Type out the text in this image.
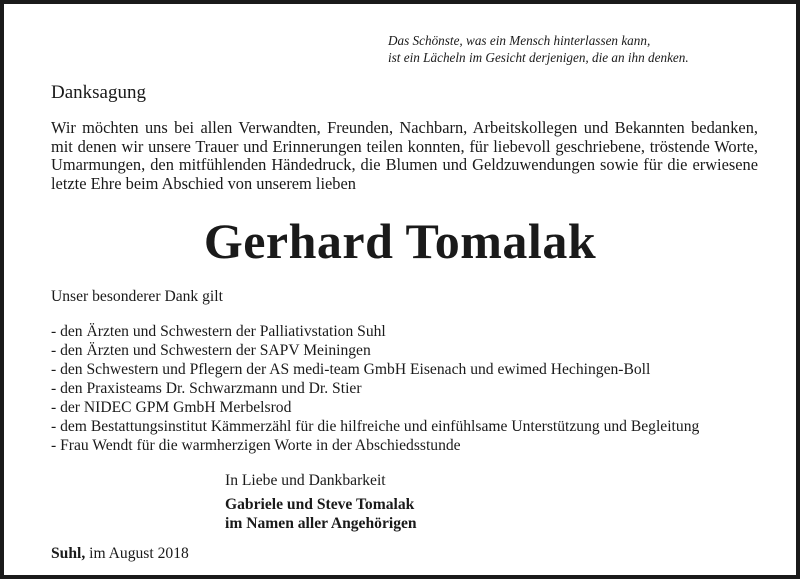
Das Schönste, was ein Mensch hinterlassen kann,
ist ein Lächeln im Gesicht derjenigen, die an ihn denken.
Danksagung
Wir möchten uns bei allen Verwandten, Freunden, Nachbarn, Arbeitskollegen und Bekannten bedanken, mit denen wir unsere Trauer und Erinnerungen teilen konnten, für liebevoll geschriebene, tröstende Worte, Umarmungen, den mitfühlenden Händedruck, die Blumen und Geldzuwendungen sowie für die erwiesene letzte Ehre beim Abschied von unserem lieben
Gerhard Tomalak
Unser besonderer Dank gilt
- den Ärzten und Schwestern der Palliativstation Suhl
- den Ärzten und Schwestern der SAPV Meiningen
- den Schwestern und Pflegern der AS medi-team GmbH Eisenach und ewimed Hechingen-Boll
- den Praxisteams Dr. Schwarzmann und Dr. Stier
- der NIDEC GPM GmbH Merbelsrod
- dem Bestattungsinstitut Kämmerzähl für die hilfreiche und einfühlsame Unterstützung und Begleitung
- Frau Wendt für die warmherzigen Worte in der Abschiedsstunde
In Liebe und Dankbarkeit
Gabriele und Steve Tomalak
im Namen aller Angehörigen
Suhl, im August 2018
